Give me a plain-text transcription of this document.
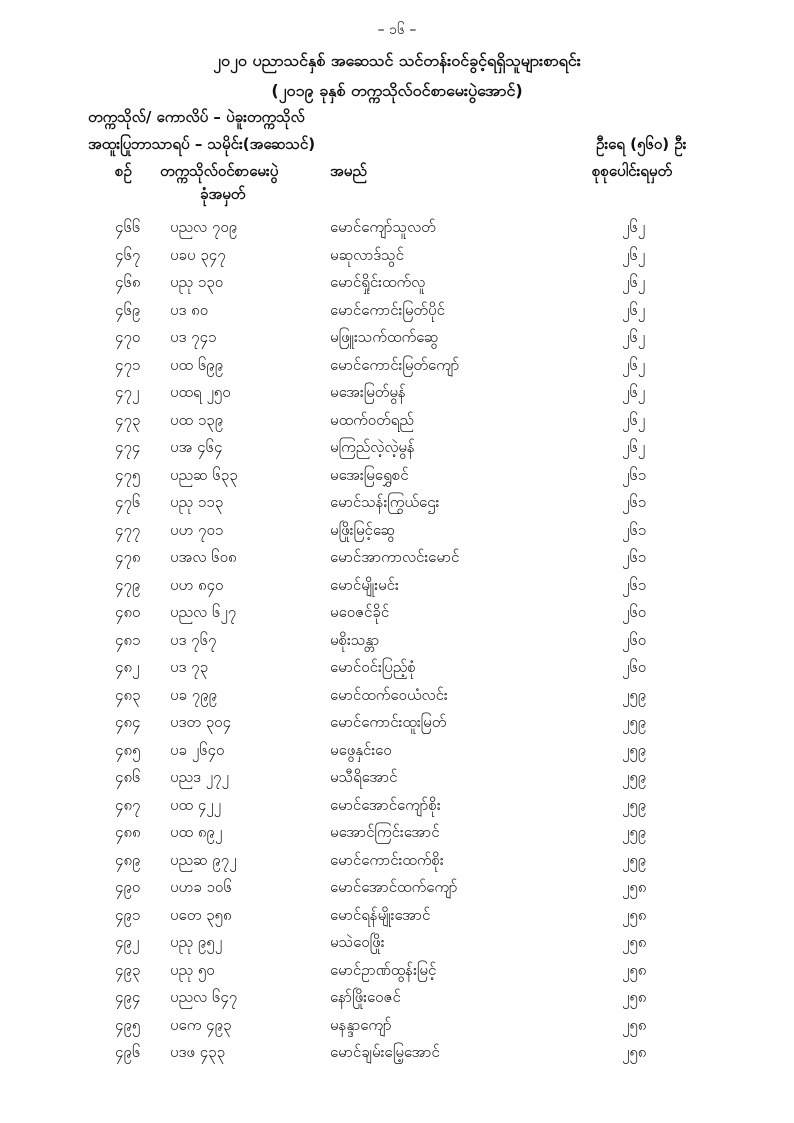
– ၁၆ –
၂၀၂၀ ပညာသင်နှစ် အဆေသင် သင်တန်းဝင်ခွင့်ရရှိသူများစာရင်း
(၂၀၁၉ ခုနှစ် တက္ကသိုလ်ဝင်စာမေးပွဲအောင်)
တက္ကသိုလ်/ ကောလိပ် – ပဲခူးတက္ကသိုလ်
အထူးပြုဘာသာရပ် – သမိုင်း(အဆေသင်)	ဦးရေ (၅၆၀) ဦး
စဉ် တက္ကသိုလ်ဝင်စာမေးပွဲ
ခုံအမှတ်
အမည်	စုစုပေါင်းရမှတ်
၄၆၆ ပညလ ၇၀၉	မောင်ကျော်သူလတ်	၂၆၂
၄၆၇ ပခပ ၃၄၇	မဆုလာဒ်သွင်	၂၆၂
၄၆၈ ပညု ၁၃၀	မောင်ရှိုင်းထက်လူ	၂၆၂
၄၆၉ ပဒ ၈၀	မောင်ကောင်းမြတ်ပိုင်	၂၆၂
၄၇၀ ပဒ ၇၄၁	မဖြူးသက်ထက်ဆွေ	၂၆၂
၄၇၁ ပထ ၆၉၉	မောင်ကောင်းမြတ်ကျော်	၂၆၂
၄၇၂ ပထရ ၂၅၀	မအေးမြတ်မွန်	၂၆၂
၄၇၃ ပထ ၁၃၉	မထက်ဝတ်ရည်	၂၆၂
၄၇၄ ပအ ၄၆၄	မကြည်လဲ့လဲ့မွန်	၂၆၂
၄၇၅ ပညဆ ၆၃၃	မအေးမြရွှေစင်	၂၆၁
၄၇၆ ပညု ၁၁၃	မောင်သန်းကြွယ်ဌေး	၂၆၁
၄၇၇ ပဟ ၇၀၁	မဖြိုးမြင့်ဆွေ	၂၆၁
၄၇၈ ပအလ ၆၀၈	မောင်အာကာလင်းမောင်	၂၆၁
၄၇၉ ပဟ ၈၄၀	မောင်မျိုးမင်း	၂၆၁
၄၈၀ ပညလ ၆၂၇	မဝေဇင်ခိုင်	၂၆၀
၄၈၁ ပဒ ၇၆၇	မစိုးသန္တာ	၂၆၀
၄၈၂ ပဒ ၇၃	မောင်ဝင်းပြည့်စုံ	၂၆၀
၄၈၃ ပခ ၇၉၉	မောင်ထက်ဝေယံလင်း	၂၅၉
၄၈၄ ပဒတ ၃၀၄	မောင်ကောင်းထူးမြတ်	၂၅၉
၄၈၅ ပခ ၂၆၄၀	မဖွေနှင်းဝေ	၂၅၉
၄၈၆ ပညဒ ၂၇၂	မသီရိအောင်	၂၅၉
၄၈၇ ပထ ၄၂၂	မောင်အောင်ကျော်စိုး	၂၅၉
၄၈၈ ပထ ၈၉၂	မအောင်ကြင်းအောင်	၂၅၉
၄၈၉ ပညဆ ၉၇၂	မောင်ကောင်းထက်စိုး	၂၅၉
၄၉၀ ပဟခ ၁၀၆	မောင်အောင်ထက်ကျော်	၂၅၈
၄၉၁ ပတေ ၃၅၈	မောင်ရန်မျိုးအောင်	၂၅၈
၄၉၂ ပညု ၉၅၂	မသဲဝေဖြိုး	၂၅၈
၄၉၃ ပညု ၅၀	မောင်ဥာဏ်ထွန်းမြင့်	၂၅၈
၄၉၄ ပညလ ၆၄၇	နော်ဖြိုးဝေဇင်	၂၅၈
၄၉၅ ပကေ ၄၉၃	မနန္ဒာကျော်	၂၅၈
၄၉၆ ပဒဖ ၄၃၃	မောင်ချမ်းမြေ့အောင်	၂၅၈
